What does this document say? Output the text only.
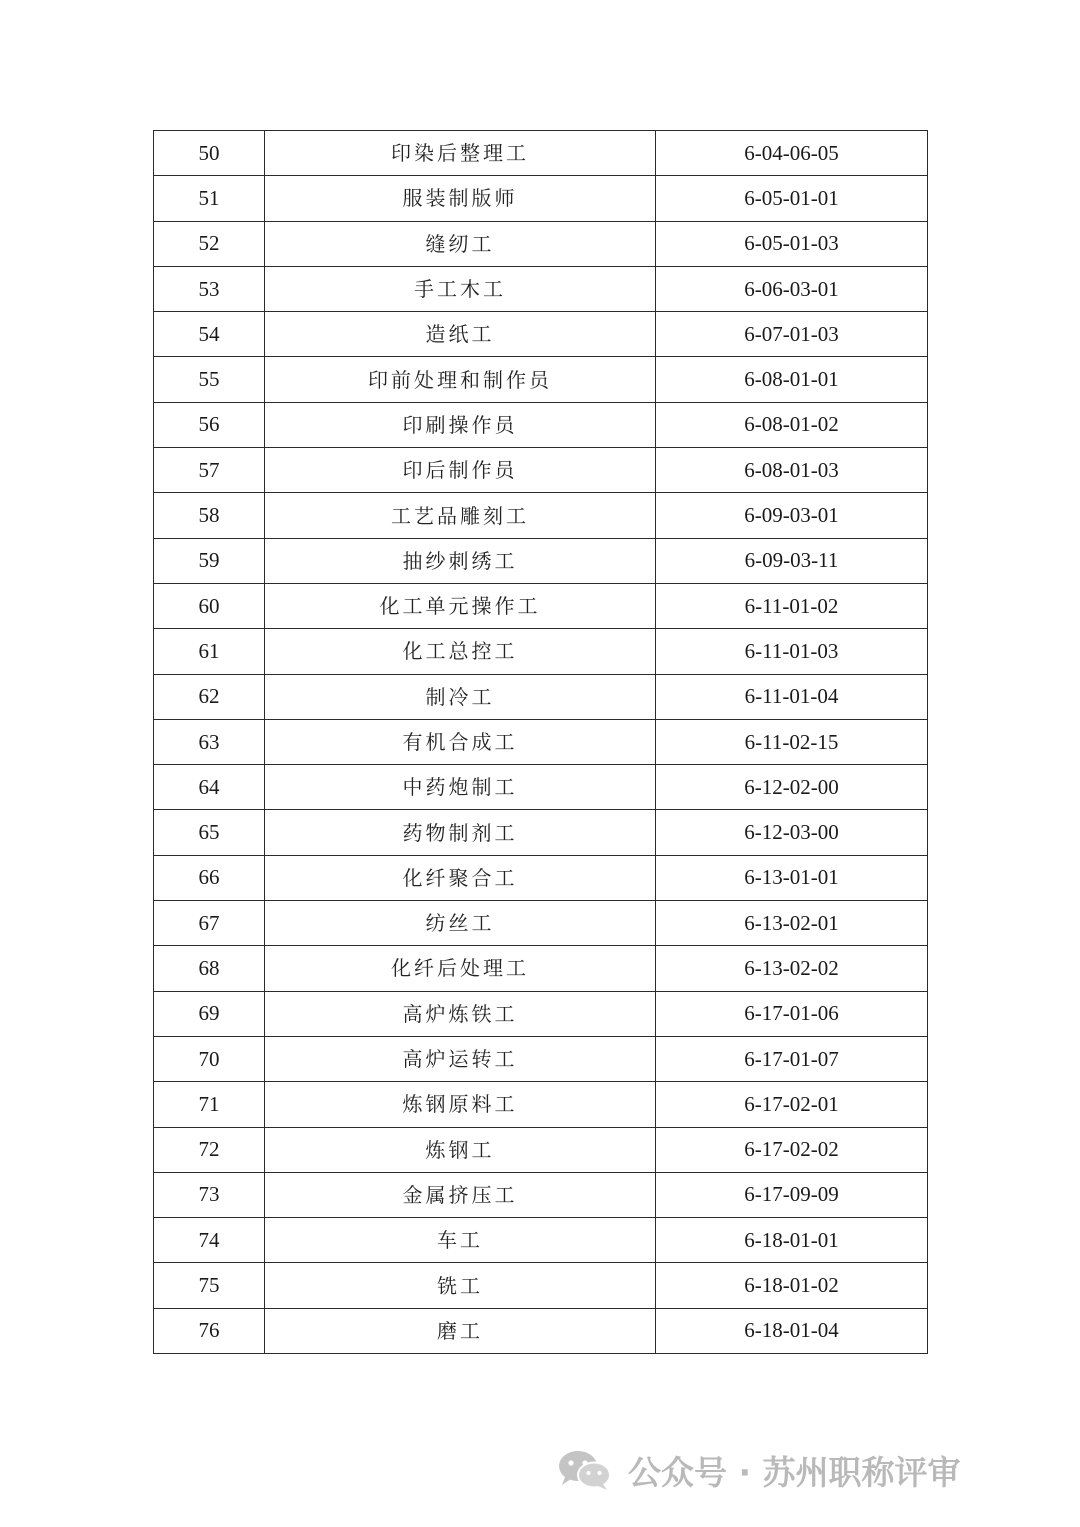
50	印染后整理工	6-04-06-05
51	服装制版师	6-05-01-01
52	缝纫工	6-05-01-03
53	手工木工	6-06-03-01
54	造纸工	6-07-01-03
55	印前处理和制作员	6-08-01-01
56	印刷操作员	6-08-01-02
57	印后制作员	6-08-01-03
58	工艺品雕刻工	6-09-03-01
59	抽纱刺绣工	6-09-03-11
60	化工单元操作工	6-11-01-02
61	化工总控工	6-11-01-03
62	制冷工	6-11-01-04
63	有机合成工	6-11-02-15
64	中药炮制工	6-12-02-00
65	药物制剂工	6-12-03-00
66	化纤聚合工	6-13-01-01
67	纺丝工	6-13-02-01
68	化纤后处理工	6-13-02-02
69	高炉炼铁工	6-17-01-06
70	高炉运转工	6-17-01-07
71	炼钢原料工	6-17-02-01
72	炼钢工	6-17-02-02
73	金属挤压工	6-17-09-09
74	车工	6-18-01-01
75	铣工	6-18-01-02
76	磨工	6-18-01-04
公众号 · 苏州职称评审
